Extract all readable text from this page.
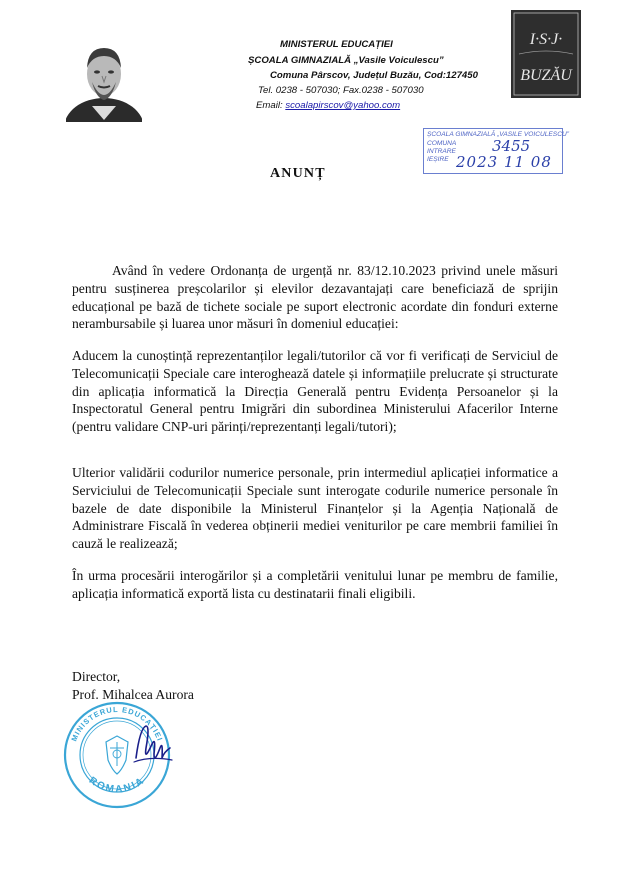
MINISTERUL EDUCAȚIEI
ȘCOALA GIMNAZIALĂ „Vasile Voiculescu”
Comuna Pârscov, Județul Buzău, Cod:127450
Tel. 0238 - 507030; Fax.0238 - 507030
Email: scoalapirscov@yahoo.com
I·S·J·
BUZĂU
ȘCOALA GIMNAZIALĂ „VASILE VOICULESCU”
COMUNA
INTRARE
IEȘIRE
3455
2023 11 08
ANUNȚ
Având în vedere Ordonanța de urgență nr. 83/12.10.2023 privind unele măsuri pentru susținerea preșcolarilor și elevilor dezavantajați care beneficiază de sprijin educațional pe bază de tichete sociale pe suport electronic acordate din fonduri externe nerambursabile și luarea unor măsuri în domeniul educației:
Aducem la cunoștință reprezentanților legali/tutorilor că vor fi verificați de Serviciul de Telecomunicații Speciale care interoghează datele și informațiile prelucrate și structurate din aplicația informatică la Direcția Generală pentru Evidența Persoanelor și la Inspectoratul General pentru Imigrări din subordinea Ministerului Afacerilor Interne (pentru validare CNP-uri părinți/reprezentanți legali/tutori);
Ulterior validării codurilor numerice personale, prin intermediul aplicației informatice a Serviciului de Telecomunicații Speciale sunt interogate codurile numerice personale în bazele de date disponibile la Ministerul Finanțelor și la Agenția Națională de Administrare Fiscală în vederea obținerii mediei veniturilor pe care membrii familiei în cauză le realizează;
În urma procesării interogărilor și a completării venitului lunar pe membru de familie, aplicația informatică exportă lista cu destinatarii finali eligibili.
Director,
Prof. Mihalcea Aurora
MINISTERUL EDUCAȚIEI
ROMANIA
